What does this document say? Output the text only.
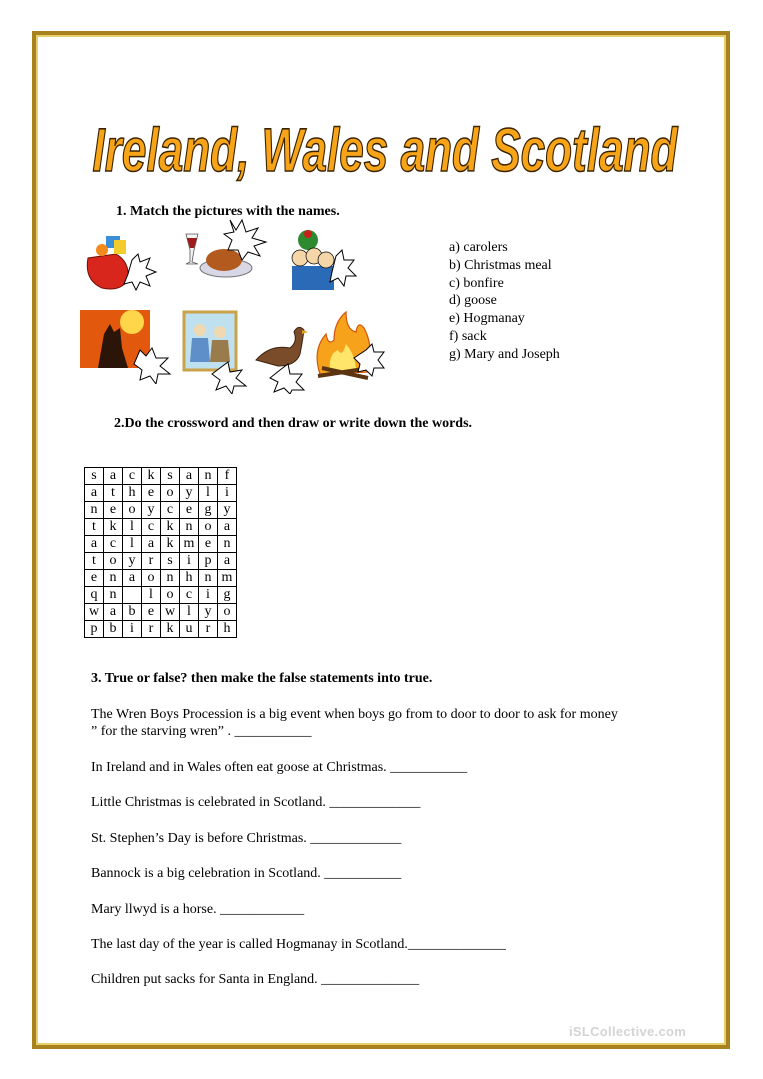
Ireland, Wales and Scotland
1. Match the pictures with the names.
a) carolers
b) Christmas meal
c) bonfire
d) goose
e) Hogmanay
f) sack
g) Mary and Joseph
2.Do the crossword and then draw or write down the words.
s	a	c	k	s	a	n	f
a	t	h	e	o	y	l	i
n	e	o	y	c	e	g	y
t	k	l	c	k	n	o	a
a	c	l	a	k	m	e	n
t	o	y	r	s	i	p	a
e	n	a	o	n	h	n	m
q	n		l	o	c	i	g
w	a	b	e	w	l	y	o
p	b	i	r	k	u	r	h
3. True or false? then make the false statements into true.
The Wren Boys Procession is a big event when boys go from to door to door to ask for money
” for the starving wren” . ___________
In Ireland and in Wales often eat goose at Christmas. ___________
Little Christmas is celebrated in Scotland. _____________
St. Stephen’s Day is before Christmas. _____________
Bannock is a big celebration in Scotland. ___________
Mary llwyd is a horse. ____________
The last day of the year is called Hogmanay in Scotland.______________
Children put sacks for Santa in England. ______________
iSLCollective.com
